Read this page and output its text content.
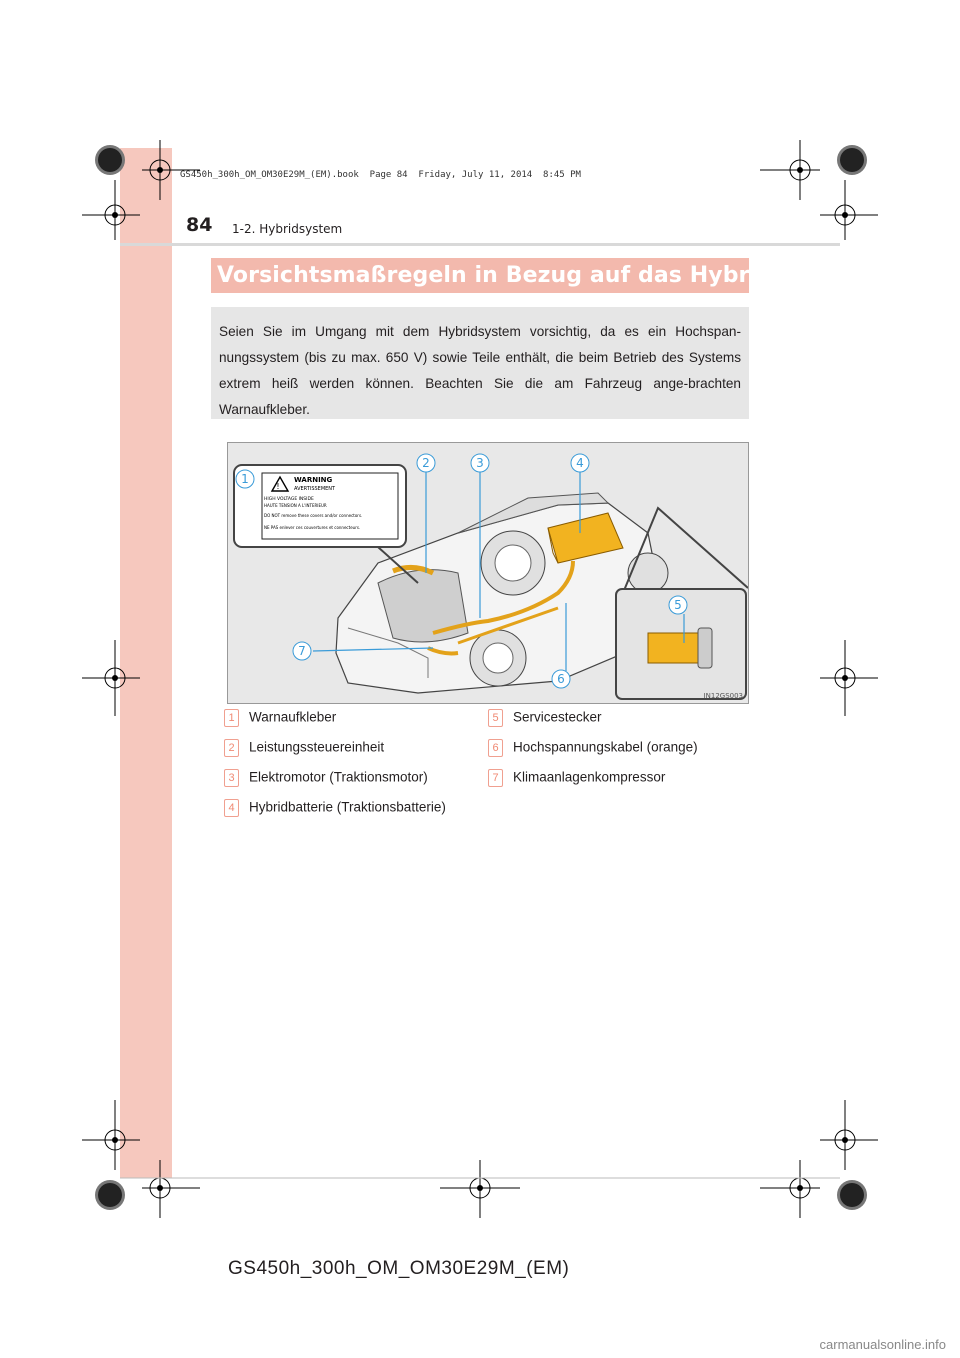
GS450h_300h_OM_OM30E29M_(EM).book  Page 84  Friday, July 11, 2014  8:45 PM
84 1-2. Hybridsystem
Vorsichtsmaßregeln in Bezug auf das Hybridsystem
Seien Sie im Umgang mit dem Hybridsystem vorsichtig, da es ein Hochspan-nungssystem (bis zu max. 650 V) sowie Teile enthält, die beim Betrieb des Systems extrem heiß werden können. Beachten Sie die am Fahrzeug ange-brachten Warnaufkleber.
!
WARNING
AVERTISSEMENT
HIGH VOLTAGE INSIDE
HAUTE TENSION A L'INTERIEUR
DO NOT remove these covers and/or connectors.
NE PAS enlever ces couvertures et connecteurs.
1
2	3	4
5
6
7
IN12GS003
1 Warnaufkleber
2 Leistungssteuereinheit
3 Elektromotor (Traktionsmotor)
4 Hybridbatterie (Traktionsbatterie)
5 Servicestecker
6 Hochspannungskabel (orange)
7 Klimaanlagenkompressor
GS450h_300h_OM_OM30E29M_(EM)
carmanualsonline.info
